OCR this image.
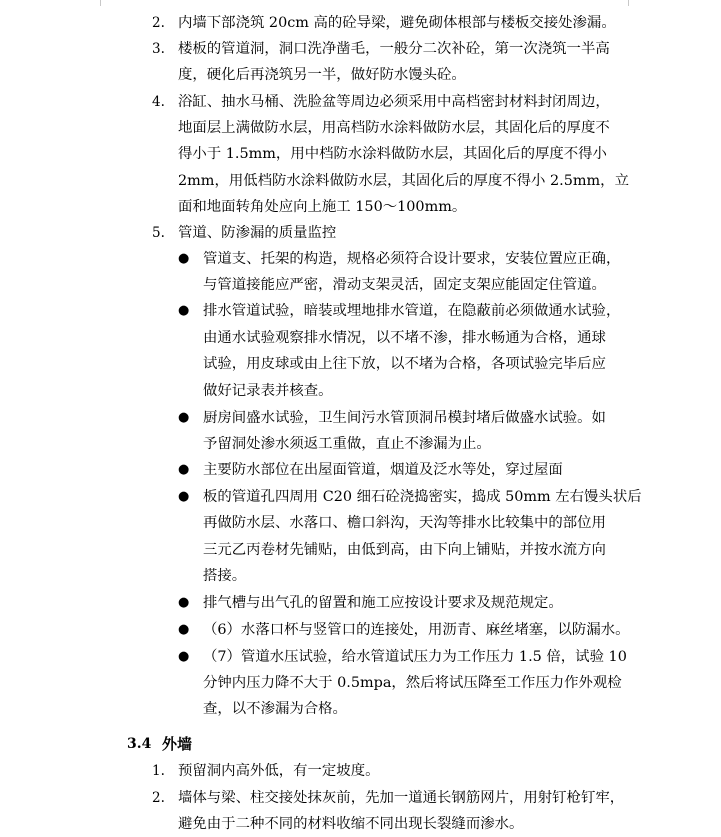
2. 内墙下部浇筑 20cm 高的砼导梁，避免砌体根部与楼板交接处渗漏。
3. 楼板的管道洞，洞口洗净凿毛，一般分二次补砼，第一次浇筑一半高
度，硬化后再浇筑另一半，做好防水馒头砼。
4. 浴缸、抽水马桶、洗脸盆等周边必须采用中高档密封材料封闭周边，
地面层上满做防水层，用高档防水涂料做防水层，其固化后的厚度不
得小于 1.5mm，用中档防水涂料做防水层，其固化后的厚度不得小
2mm，用低档防水涂料做防水层，其固化后的厚度不得小 2.5mm，立
面和地面转角处应向上施工 150～100mm。
5. 管道、防渗漏的质量监控
● 管道支、托架的构造，规格必须符合设计要求，安装位置应正确，
与管道接能应严密，滑动支架灵活，固定支架应能固定住管道。
● 排水管道试验，暗装或埋地排水管道，在隐蔽前必须做通水试验，
由通水试验观察排水情况，以不堵不渗，排水畅通为合格，通球
试验，用皮球或由上往下放，以不堵为合格，各项试验完毕后应
做好记录表并核查。
● 厨房间盛水试验，卫生间污水管顶洞吊模封堵后做盛水试验。如
予留洞处渗水须返工重做，直止不渗漏为止。
● 主要防水部位在出屋面管道，烟道及泛水等处，穿过屋面
● 板的管道孔四周用 C20 细石砼浇捣密实，捣成 50mm 左右馒头状后
再做防水层、水落口、檐口斜沟，天沟等排水比较集中的部位用
三元乙丙卷材先铺贴，由低到高，由下向上铺贴，并按水流方向
搭接。
● 排气槽与出气孔的留置和施工应按设计要求及规范规定。
● （6）水落口杯与竖管口的连接处，用沥青、麻丝堵塞，以防漏水。
● （7）管道水压试验，给水管道试压力为工作压力 1.5 倍，试验 10
分钟内压力降不大于 0.5mpa，然后将试压降至工作压力作外观检
查，以不渗漏为合格。
3.4 外墙
1. 预留洞内高外低，有一定坡度。
2. 墙体与梁、柱交接处抹灰前，先加一道通长钢筋网片，用射钉枪钉牢，
避免由于二种不同的材料收缩不同出现长裂缝而渗水。
